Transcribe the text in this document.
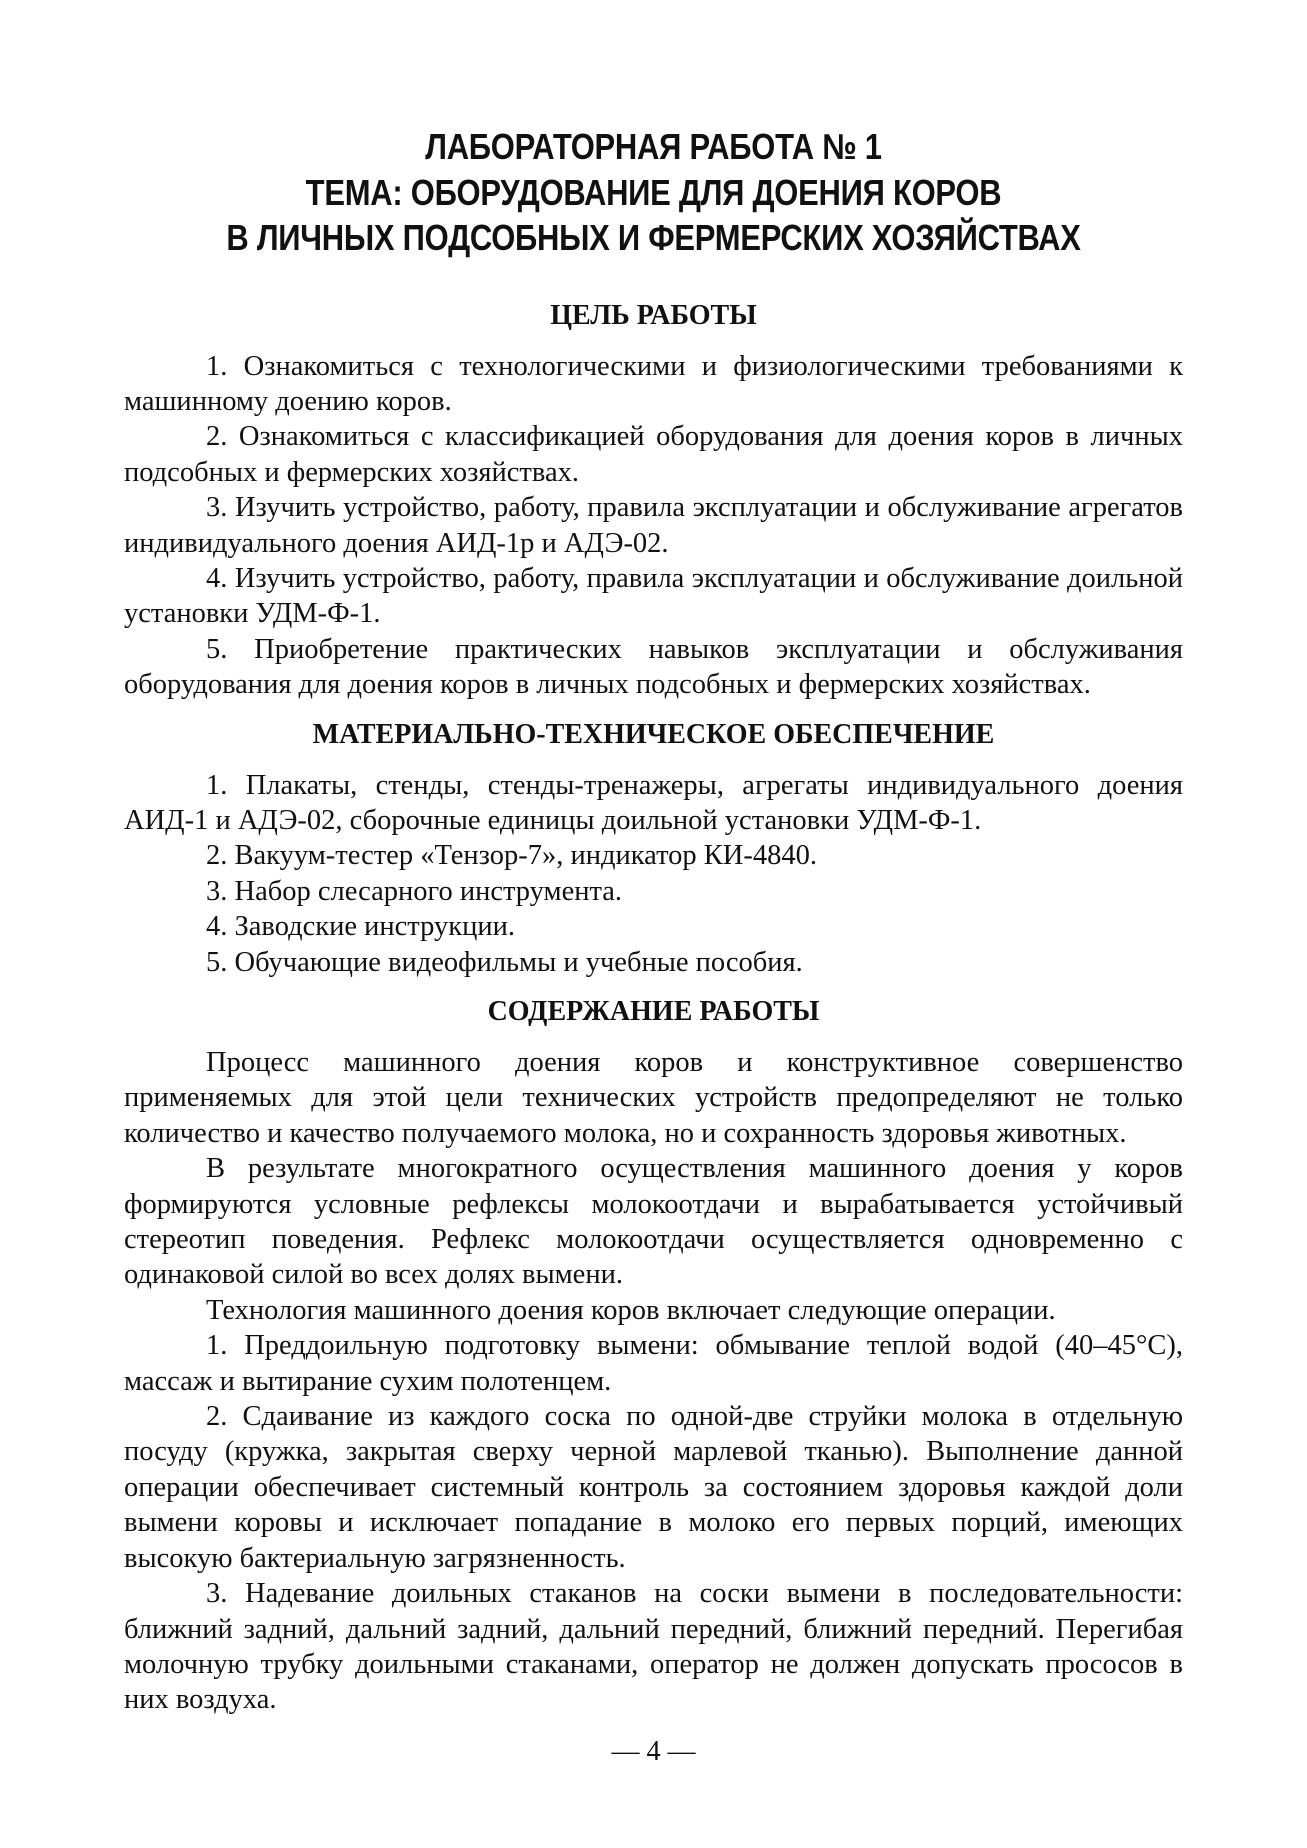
ЛАБОРАТОРНАЯ РАБОТА № 1
ТЕМА: ОБОРУДОВАНИЕ ДЛЯ ДОЕНИЯ КОРОВ
В ЛИЧНЫХ ПОДСОБНЫХ И ФЕРМЕРСКИХ ХОЗЯЙСТВАХ
ЦЕЛЬ РАБОТЫ

1. Ознакомиться с технологическими и физиологическими требованиями к машинному доению коров.

2. Ознакомиться с классификацией оборудования для доения коров в личных подсобных и фермерских хозяйствах.

3. Изучить устройство, работу, правила эксплуатации и обслуживание агрегатов индивидуального доения АИД-1р и АДЭ-02.

4. Изучить устройство, работу, правила эксплуатации и обслуживание доильной установки УДМ-Ф-1.

5. Приобретение практических навыков эксплуатации и обслуживания оборудования для доения коров в личных подсобных и фермерских хозяйствах.

МАТЕРИАЛЬНО-ТЕХНИЧЕСКОЕ ОБЕСПЕЧЕНИЕ

1. Плакаты, стенды, стенды-тренажеры, агрегаты индивидуального доения АИД-1 и АДЭ-02, сборочные единицы доильной установки УДМ-Ф-1.

2. Вакуум-тестер «Тензор-7», индикатор КИ-4840.

3. Набор слесарного инструмента.

4. Заводские инструкции.

5. Обучающие видеофильмы и учебные пособия.

СОДЕРЖАНИЕ РАБОТЫ

Процесс машинного доения коров и конструктивное совершенство применяемых для этой цели технических устройств предопределяют не только количество и качество получаемого молока, но и сохранность здоровья животных.

В результате многократного осуществления машинного доения у коров формируются условные рефлексы молокоотдачи и вырабатывается устойчивый стереотип поведения. Рефлекс молокоотдачи осуществляется одновременно с одинаковой силой во всех долях вымени.

Технология машинного доения коров включает следующие операции.

1. Преддоильную подготовку вымени: обмывание теплой водой (40–45°С), массаж и вытирание сухим полотенцем.

2. Сдаивание из каждого соска по одной-две струйки молока в отдельную посуду (кружка, закрытая сверху черной марлевой тканью). Выполнение данной операции обеспечивает системный контроль за состоянием здоровья каждой доли вымени коровы и исключает попадание в молоко его первых порций, имеющих высокую бактериальную загрязненность.

3. Надевание доильных стаканов на соски вымени в последовательности: ближний задний, дальний задний, дальний передний, ближний передний. Перегибая молочную трубку доильными стаканами, оператор не должен допускать прососов в них воздуха.

— 4 —
